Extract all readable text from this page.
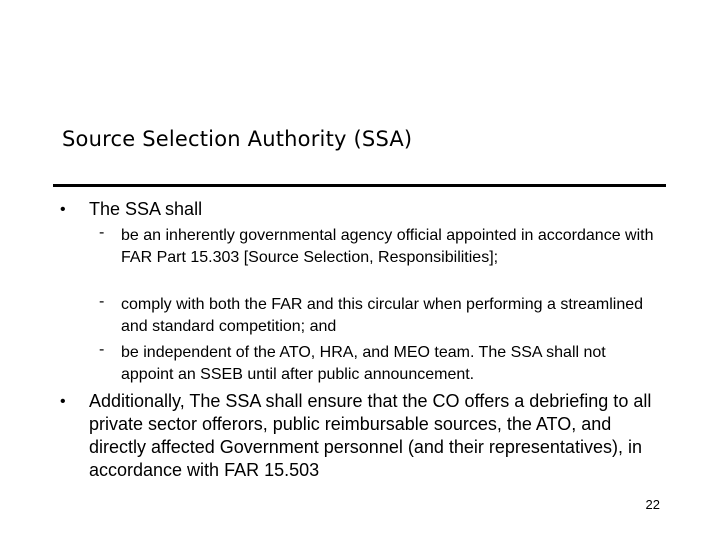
Source Selection Authority (SSA)
• The SSA shall
- be an inherently governmental agency official appointed in accordance with FAR Part 15.303 [Source Selection, Responsibilities];
- comply with both the FAR and this circular when performing a streamlined and standard competition; and
- be independent of the ATO, HRA, and MEO team. The SSA shall not appoint an SSEB until after public announcement.
• Additionally, The SSA shall ensure that the CO offers a debriefing to all private sector offerors, public reimbursable sources, the ATO, and directly affected Government personnel (and their representatives), in accordance with FAR 15.503
22
